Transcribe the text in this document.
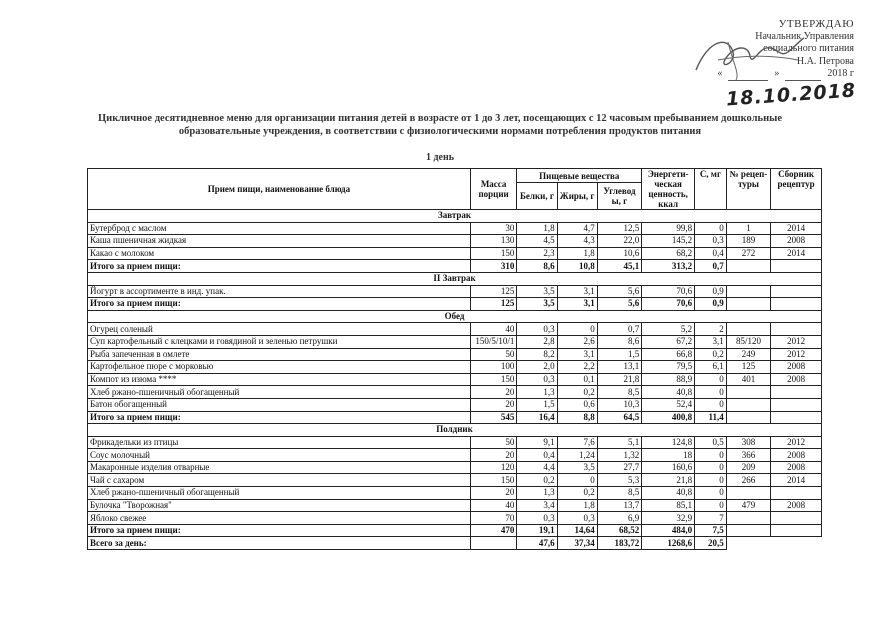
УТВЕРЖДАЮ
Начальник Управления
социального питания
Н.А. Петрова
«	»	2018 г
18.10.2018
Цикличное десятидневное меню для организации питания детей в возрасте от 1 до 3 лет, посещающих с 12 часовым пребыванием дошкольные образовательные учреждения, в соответствии с физиологическими нормами потребления продуктов питания
1 день
Прием пищи, наименование блюда	Масса порции	Пищевые вещества			Энергети-ческая ценность, ккал	С, мг	№ рецеп-туры	Сборник рецептур
		Белки, г	Жиры, г	Углевод ы, г				
Завтрак								
Бутерброд с маслом	30	1,8	4,7	12,5	99,8	0	1	2014
Каша пшеничная жидкая	130	4,5	4,3	22,0	145,2	0,3	189	2008
Какао с молоком	150	2,3	1,8	10,6	68,2	0,4	272	2014
Итого за прием пищи:	310	8,6	10,8	45,1	313,2	0,7		
II Завтрак								
Йогурт в ассортименте в инд. упак.	125	3,5	3,1	5,6	70,6	0,9		
Итого за прием пищи:	125	3,5	3,1	5,6	70,6	0,9		
Обед								
Огурец соленый	40	0,3	0	0,7	5,2	2		
Суп картофельный с клецками и говядиной и зеленью петрушки	150/5/10/1	2,8	2,6	8,6	67,2	3,1	85/120	2012
Рыба запеченная в омлете	50	8,2	3,1	1,5	66,8	0,2	249	2012
Картофельное пюре с морковью	100	2,0	2,2	13,1	79,5	6,1	125	2008
Компот из изюма ****	150	0,3	0,1	21,8	88,9	0	401	2008
Хлеб ржано-пшеничный обогащенный	20	1,3	0,2	8,5	40,8	0		
Батон обогащенный	20	1,5	0,6	10,3	52,4	0		
Итого за прием пищи:	545	16,4	8,8	64,5	400,8	11,4		
Полдник								
Фрикадельки из птицы	50	9,1	7,6	5,1	124,8	0,5	308	2012
Соус молочный	20	0,4	1,24	1,32	18	0	366	2008
Макаронные изделия отварные	120	4,4	3,5	27,7	160,6	0	209	2008
Чай с сахаром	150	0,2	0	5,3	21,8	0	266	2014
Хлеб ржано-пшеничный обогащенный	20	1,3	0,2	8,5	40,8	0		
Булочка "Творожная"	40	3,4	1,8	13,7	85,1	0	479	2008
Яблоко свежее	70	0,3	0,3	6,9	32,9	7		
Итого за прием пищи:	470	19,1	14,64	68,52	484,0	7,5		
Всего за день:		47,6	37,34	183,72	1268,6	20,5		
